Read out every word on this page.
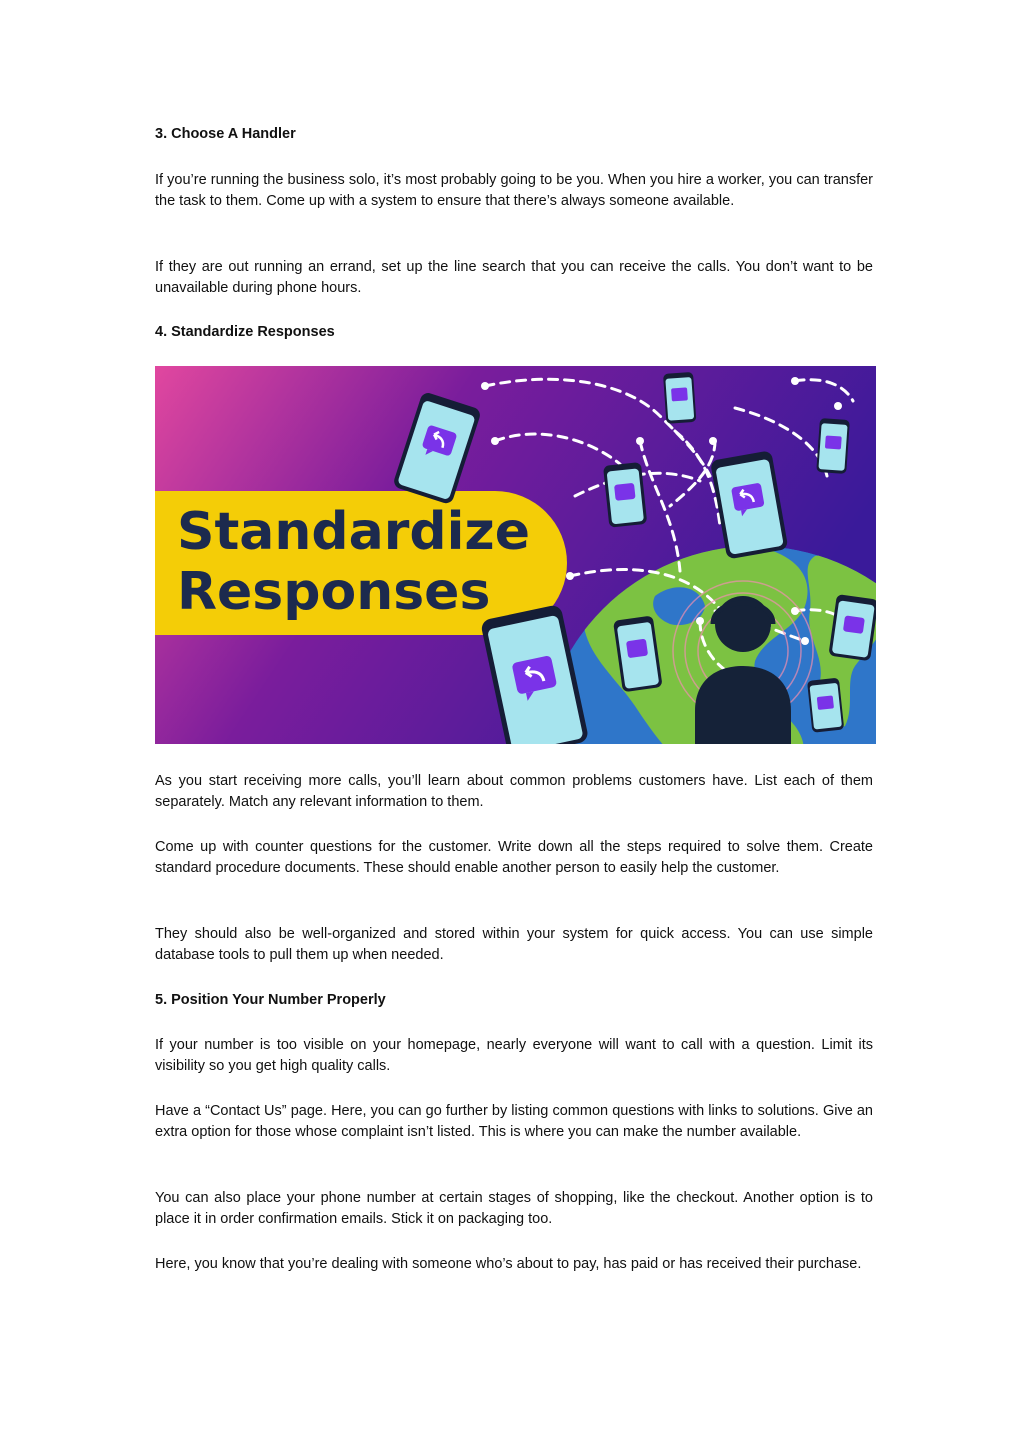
3. Choose A Handler

If you’re running the business solo, it’s most probably going to be you. When you hire a worker, you can transfer the task to them. Come up with a system to ensure that there’s always someone available.

If they are out running an errand, set up the line search that you can receive the calls. You don’t want to be unavailable during phone hours.

4. Standardize Responses
Standardize
Responses

As you start receiving more calls, you’ll learn about common problems customers have. List each of them separately. Match any relevant information to them.

Come up with counter questions for the customer. Write down all the steps required to solve them. Create standard procedure documents. These should enable another person to easily help the customer.

They should also be well-organized and stored within your system for quick access. You can use simple database tools to pull them up when needed.

5. Position Your Number Properly

If your number is too visible on your homepage, nearly everyone will want to call with a question. Limit its visibility so you get high quality calls.

Have a “Contact Us” page. Here, you can go further by listing common questions with links to solutions. Give an extra option for those whose complaint isn’t listed. This is where you can make the number available.

You can also place your phone number at certain stages of shopping, like the checkout. Another option is to place it in order confirmation emails. Stick it on packaging too.

Here, you know that you’re dealing with someone who’s about to pay, has paid or has received their purchase.
